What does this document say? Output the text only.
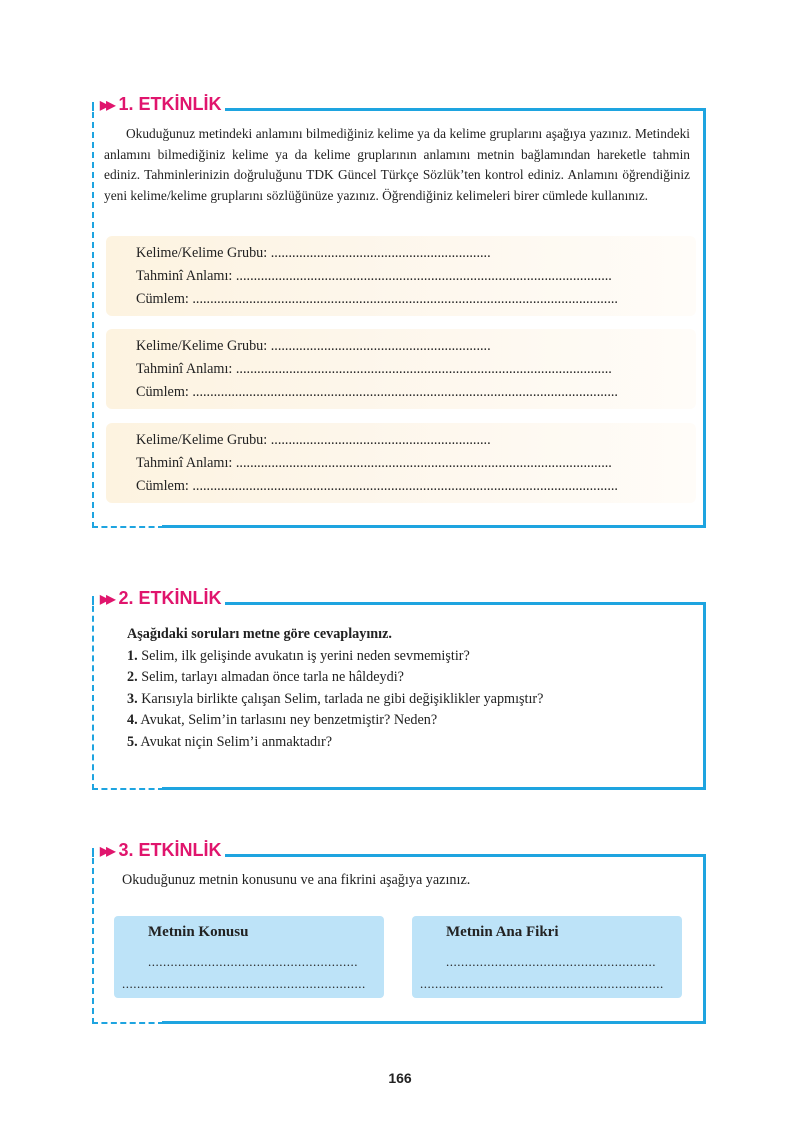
▶▶ 1. ETKİNLİK
Okuduğunuz metindeki anlamını bilmediğiniz kelime ya da kelime gruplarını aşağıya yazınız. Metindeki anlamını bilmediğiniz kelime ya da kelime gruplarının anlamını metnin bağlamından hareketle tahmin ediniz. Tahminlerinizin doğruluğunu TDK Güncel Türkçe Sözlük’ten kontrol ediniz. Anlamını öğrendiğiniz yeni kelime/kelime gruplarını sözlüğünüze yazınız. Öğrendiğiniz kelimeleri birer cümlede kullanınız.
Kelime/Kelime Grubu: ..............................................................
Tahminî Anlamı: ..........................................................................................................
Cümlem: ........................................................................................................................
Kelime/Kelime Grubu: ..............................................................
Tahminî Anlamı: ..........................................................................................................
Cümlem: ........................................................................................................................
Kelime/Kelime Grubu: ..............................................................
Tahminî Anlamı: ..........................................................................................................
Cümlem: ........................................................................................................................
▶▶ 2. ETKİNLİK
Aşağıdaki soruları metne göre cevaplayınız.
1. Selim, ilk gelişinde avukatın iş yerini neden sevmemiştir?
2. Selim, tarlayı almadan önce tarla ne hâldeydi?
3. Karısıyla birlikte çalışan Selim, tarlada ne gibi değişiklikler yapmıştır?
4. Avukat, Selim’in tarlasını ney benzetmiştir? Neden?
5. Avukat niçin Selim’i anmaktadır?
▶▶ 3. ETKİNLİK
Okuduğunuz metnin konusunu ve ana fikrini aşağıya yazınız.
Metnin Konusu
........................................................
.................................................................
Metnin Ana Fikri
........................................................
.................................................................
166
